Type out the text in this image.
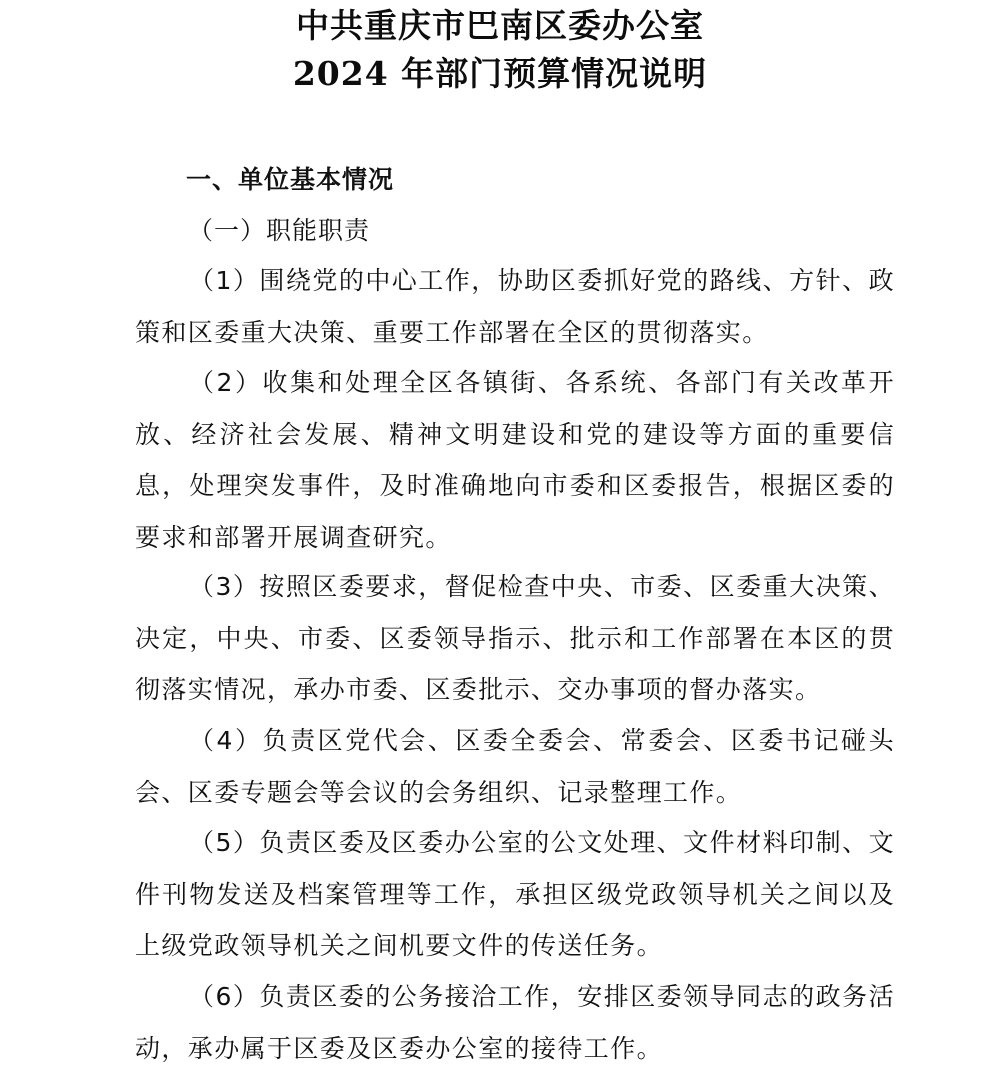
中共重庆市巴南区委办公室
2024 年部门预算情况说明
一、单位基本情况
（一）职能职责

（1）围绕党的中心工作，协助区委抓好党的路线、方针、政策和区委重大决策、重要工作部署在全区的贯彻落实。

（2）收集和处理全区各镇街、各系统、各部门有关改革开放、经济社会发展、精神文明建设和党的建设等方面的重要信息，处理突发事件，及时准确地向市委和区委报告，根据区委的要求和部署开展调查研究。

（3）按照区委要求，督促检查中央、市委、区委重大决策、决定，中央、市委、区委领导指示、批示和工作部署在本区的贯彻落实情况，承办市委、区委批示、交办事项的督办落实。

（4）负责区党代会、区委全委会、常委会、区委书记碰头会、区委专题会等会议的会务组织、记录整理工作。

（5）负责区委及区委办公室的公文处理、文件材料印制、文件刊物发送及档案管理等工作，承担区级党政领导机关之间以及上级党政领导机关之间机要文件的传送任务。

（6）负责区委的公务接洽工作，安排区委领导同志的政务活动，承办属于区委及区委办公室的接待工作。
